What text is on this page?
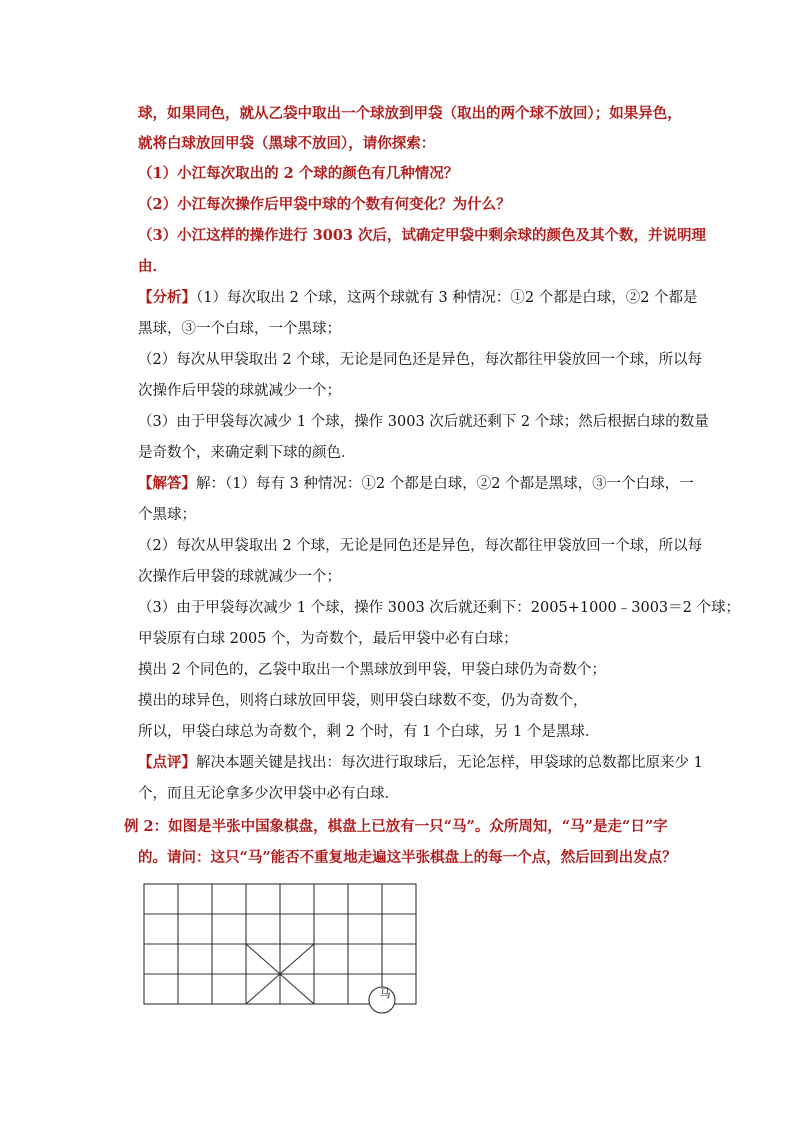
球，如果同色，就从乙袋中取出一个球放到甲袋（取出的两个球不放回）；如果异色，
就将白球放回甲袋（黑球不放回），请你探索：
（1）小江每次取出的 2 个球的颜色有几种情况？
（2）小江每次操作后甲袋中球的个数有何变化？为什么？
（3）小江这样的操作进行 3003 次后，试确定甲袋中剩余球的颜色及其个数，并说明理
由．
【分析】（1）每次取出 2 个球，这两个球就有 3 种情况：①2 个都是白球，②2 个都是
黑球，③一个白球，一个黑球；
（2）每次从甲袋取出 2 个球，无论是同色还是异色，每次都往甲袋放回一个球，所以每
次操作后甲袋的球就减少一个；
（3）由于甲袋每次减少 1 个球，操作 3003 次后就还剩下 2 个球；然后根据白球的数量
是奇数个，来确定剩下球的颜色．
【解答】解：（1）每有 3 种情况：①2 个都是白球，②2 个都是黑球，③一个白球，一
个黑球；
（2）每次从甲袋取出 2 个球，无论是同色还是异色，每次都往甲袋放回一个球，所以每
次操作后甲袋的球就减少一个；
（3）由于甲袋每次减少 1 个球，操作 3003 次后就还剩下：2005+1000﹣3003＝2 个球；
甲袋原有白球 2005 个，为奇数个，最后甲袋中必有白球；
摸出 2 个同色的，乙袋中取出一个黑球放到甲袋，甲袋白球仍为奇数个；
摸出的球异色，则将白球放回甲袋，则甲袋白球数不变，仍为奇数个，
所以，甲袋白球总为奇数个，剩 2 个时，有 1 个白球，另 1 个是黑球．
【点评】解决本题关键是找出：每次进行取球后，无论怎样，甲袋球的总数都比原来少 1
个，而且无论拿多少次甲袋中必有白球．
例 2：如图是半张中国象棋盘，棋盘上已放有一只“马”。众所周知，“马”是走“日”字
的。请问：这只“马”能否不重复地走遍这半张棋盘上的每一个点，然后回到出发点？
马
